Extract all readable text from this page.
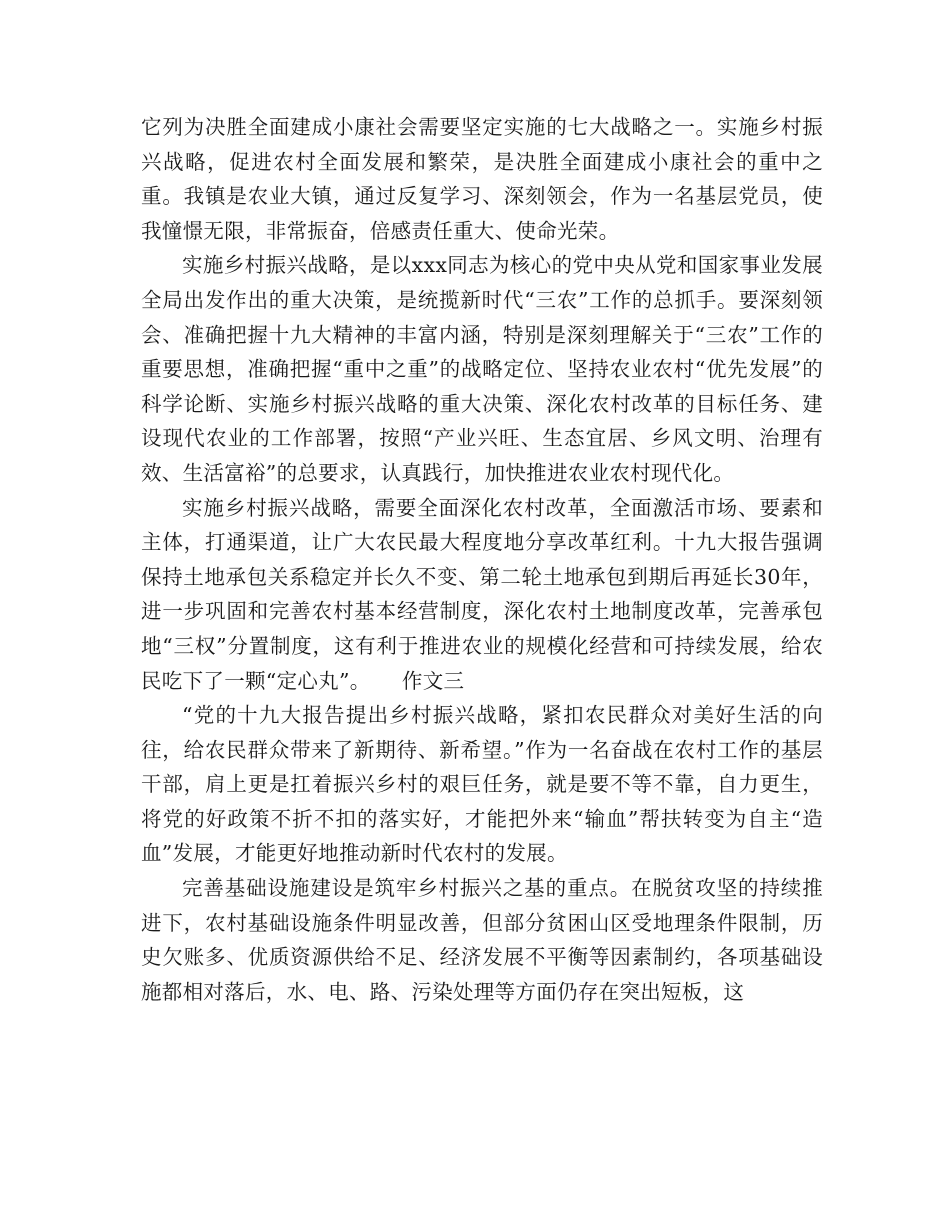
它列为决胜全面建成小康社会需要坚定实施的七大战略之一。实施乡村振兴战略，促进农村全面发展和繁荣，是决胜全面建成小康社会的重中之重。我镇是农业大镇，通过反复学习、深刻领会，作为一名基层党员，使我憧憬无限，非常振奋，倍感责任重大、使命光荣。

实施乡村振兴战略，是以xxx同志为核心的党中央从党和国家事业发展全局出发作出的重大决策，是统揽新时代“三农”工作的总抓手。要深刻领会、准确把握十九大精神的丰富内涵，特别是深刻理解关于“三农”工作的重要思想，准确把握“重中之重”的战略定位、坚持农业农村“优先发展”的科学论断、实施乡村振兴战略的重大决策、深化农村改革的目标任务、建设现代农业的工作部署，按照“产业兴旺、生态宜居、乡风文明、治理有效、生活富裕”的总要求，认真践行，加快推进农业农村现代化。

实施乡村振兴战略，需要全面深化农村改革，全面激活市场、要素和主体，打通渠道，让广大农民最大程度地分享改革红利。十九大报告强调保持土地承包关系稳定并长久不变、第二轮土地承包到期后再延长30年，进一步巩固和完善农村基本经营制度，深化农村土地制度改革，完善承包地“三权”分置制度，这有利于推进农业的规模化经营和可持续发展，给农民吃下了一颗“定心丸”。　　作文三

“党的十九大报告提出乡村振兴战略，紧扣农民群众对美好生活的向往，给农民群众带来了新期待、新希望。”作为一名奋战在农村工作的基层干部，肩上更是扛着振兴乡村的艰巨任务，就是要不等不靠，自力更生，将党的好政策不折不扣的落实好，才能把外来“输血”帮扶转变为自主“造血”发展，才能更好地推动新时代农村的发展。

完善基础设施建设是筑牢乡村振兴之基的重点。在脱贫攻坚的持续推进下，农村基础设施条件明显改善，但部分贫困山区受地理条件限制，历史欠账多、优质资源供给不足、经济发展不平衡等因素制约，各项基础设施都相对落后，水、电、路、污染处理等方面仍存在突出短板，这
